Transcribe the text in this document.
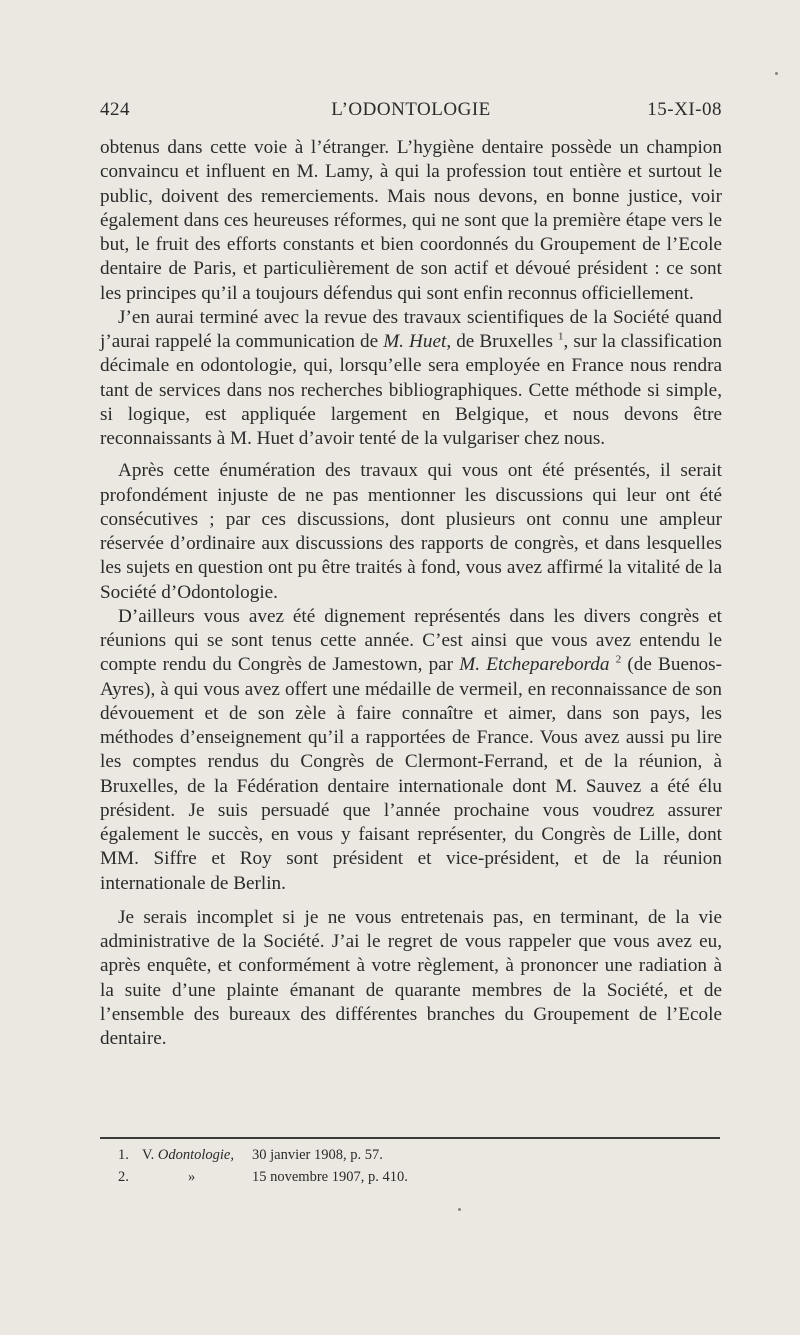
L’ODONTOLOGIE
424	15-XI-08

obtenus dans cette voie à l’étranger. L’hygiène dentaire possède un champion convaincu et influent en M. Lamy, à qui la profession tout entière et surtout le public, doivent des remerciements. Mais nous devons, en bonne justice, voir également dans ces heureuses réformes, qui ne sont que la première étape vers le but, le fruit des efforts constants et bien coordonnés du Groupement de l’Ecole dentaire de Paris, et particulièrement de son actif et dévoué président : ce sont les principes qu’il a toujours défendus qui sont enfin reconnus officiellement.

J’en aurai terminé avec la revue des travaux scientifiques de la Société quand j’aurai rappelé la communication de M. Huet, de Bruxelles $^1$, sur la classification décimale en odontologie, qui, lorsqu’elle sera employée en France nous rendra tant de services dans nos recherches bibliographiques. Cette méthode si simple, si logique, est appliquée largement en Belgique, et nous devons être reconnaissants à M. Huet d’avoir tenté de la vulgariser chez nous.

Après cette énumération des travaux qui vous ont été présentés, il serait profondément injuste de ne pas mentionner les discussions qui leur ont été consécutives ; par ces discussions, dont plusieurs ont connu une ampleur réservée d’ordinaire aux discussions des rapports de congrès, et dans lesquelles les sujets en question ont pu être traités à fond, vous avez affirmé la vitalité de la Société d’Odontologie.

D’ailleurs vous avez été dignement représentés dans les divers congrès et réunions qui se sont tenus cette année. C’est ainsi que vous avez entendu le compte rendu du Congrès de Jamestown, par M. Etchepareborda $^2$ (de Buenos-Ayres), à qui vous avez offert une médaille de vermeil, en reconnaissance de son dévouement et de son zèle à faire connaître et aimer, dans son pays, les méthodes d’enseignement qu’il a rapportées de France. Vous avez aussi pu lire les comptes rendus du Congrès de Clermont-Ferrand, et de la réunion, à Bruxelles, de la Fédération dentaire internationale dont M. Sauvez a été élu président. Je suis persuadé que l’année prochaine vous voudrez assurer également le succès, en vous y faisant représenter, du Congrès de Lille, dont MM. Siffre et Roy sont président et vice-président, et de la réunion internationale de Berlin.

Je serais incomplet si je ne vous entretenais pas, en terminant, de la vie administrative de la Société. J’ai le regret de vous rappeler que vous avez eu, après enquête, et conformément à votre règlement, à prononcer une radiation à la suite d’une plainte émanant de quarante membres de la Société, et de l’ensemble des bureaux des différentes branches du Groupement de l’Ecole dentaire.

1. V. Odontologie, 30 janvier 1908, p. 57.
2.	»	15 novembre 1907, p. 410.
